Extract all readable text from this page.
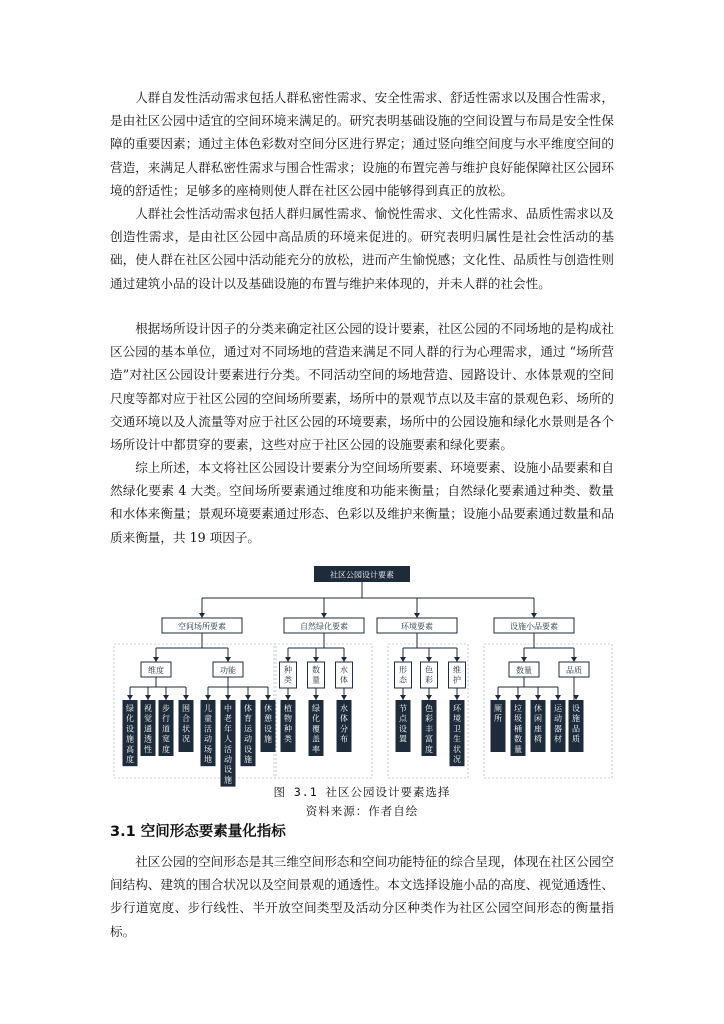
人群自发性活动需求包括人群私密性需求、安全性需求、舒适性需求以及围合性需求，是由社区公园中适宜的空间环境来满足的。研究表明基础设施的空间设置与布局是安全性保障的重要因素；通过主体色彩数对空间分区进行界定；通过竖向维空间度与水平维度空间的营造，来满足人群私密性需求与围合性需求；设施的布置完善与维护良好能保障社区公园环境的舒适性；足够多的座椅则使人群在社区公园中能够得到真正的放松。

人群社会性活动需求包括人群归属性需求、愉悦性需求、文化性需求、品质性需求以及创造性需求，是由社区公园中高品质的环境来促进的。研究表明归属性是社会性活动的基础，使人群在社区公园中活动能充分的放松，进而产生愉悦感；文化性、品质性与创造性则通过建筑小品的设计以及基础设施的布置与维护来体现的，并未人群的社会性。

根据场所设计因子的分类来确定社区公园的设计要素，社区公园的不同场地的是构成社区公园的基本单位，通过对不同场地的营造来满足不同人群的行为心理需求，通过 “场所营造”对社区公园设计要素进行分类。不同活动空间的场地营造、园路设计、水体景观的空间尺度等都对应于社区公园的空间场所要素，场所中的景观节点以及丰富的景观色彩、场所的交通环境以及人流量等对应于社区公园的环境要素，场所中的公园设施和绿化水景则是各个场所设计中都贯穿的要素，这些对应于社区公园的设施要素和绿化要素。

综上所述，本文将社区公园设计要素分为空间场所要素、环境要素、设施小品要素和自然绿化要素 4 大类。空间场所要素通过维度和功能来衡量；自然绿化要素通过种类、数量和水体来衡量；景观环境要素通过形态、色彩以及维护来衡量；设施小品要素通过数量和品质来衡量，共 19 项因子。

社区公园设计要素
空间场所要素
维度
绿化设施高度
视觉通透性
步行道宽度
围合状况
功能
儿童活动场地
中老年人活动设施
体育运动设施
休憩设施
自然绿化要素
种类
植物种类
数量
绿化覆盖率
水体
水体分布
环境要素
形态
节点设置
色彩
色彩丰富度
维护
环境卫生状况
设施小品要素
数量
厕所
垃圾桶数量
休闲座椅
运动器材
品质
设施品质

图 3.1 社区公园设计要素选择

资料来源：作者自绘

3.1 空间形态要素量化指标

社区公园的空间形态是其三维空间形态和空间功能特征的综合呈现，体现在社区公园空间结构、建筑的围合状况以及空间景观的通透性。本文选择设施小品的高度、视觉通透性、步行道宽度、步行线性、半开放空间类型及活动分区种类作为社区公园空间形态的衡量指标。
